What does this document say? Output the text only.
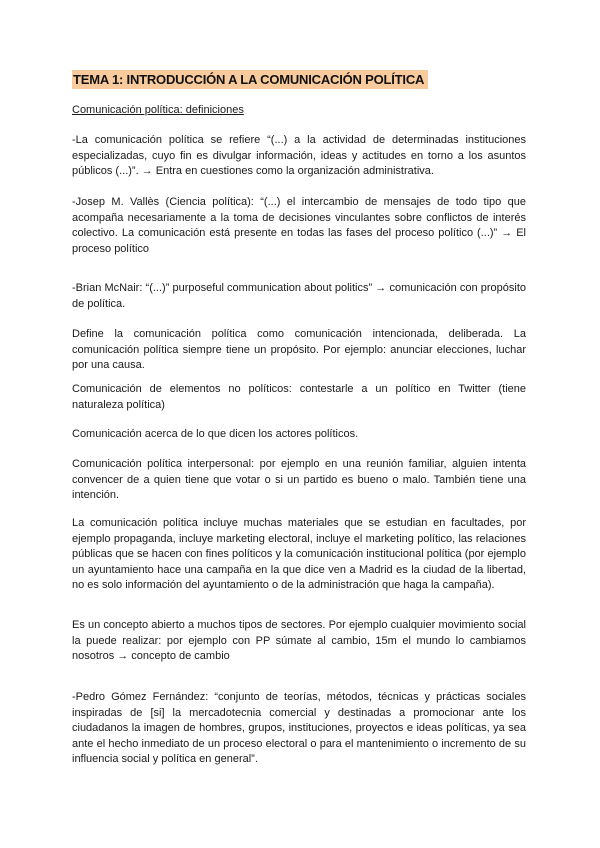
TEMA 1: INTRODUCCIÓN A LA COMUNICACIÓN POLÍTICA
Comunicación política: definiciones

-La comunicación política se refiere “(...) a la actividad de determinadas instituciones especializadas, cuyo fin es divulgar información, ideas y actitudes en torno a los asuntos públicos (...)”. → Entra en cuestiones como la organización administrativa.

-Josep M. Vallès (Ciencia política): “(...) el intercambio de mensajes de todo tipo que acompaña necesariamente a la toma de decisiones vinculantes sobre conflictos de interés colectivo. La comunicación está presente en todas las fases del proceso político (...)” → El proceso político

-Brian McNair: “(...)” purposeful communication about politics” → comunicación con propósito de política.

Define la comunicación política como comunicación intencionada, deliberada. La comunicación política siempre tiene un propósito. Por ejemplo: anunciar elecciones, luchar por una causa.

Comunicación de elementos no políticos: contestarle a un político en Twitter (tiene naturaleza política)

Comunicación acerca de lo que dicen los actores políticos.

Comunicación política interpersonal: por ejemplo en una reunión familiar, alguien intenta convencer de a quien tiene que votar o si un partido es bueno o malo. También tiene una intención.

La comunicación política incluye muchas materiales que se estudian en facultades, por ejemplo propaganda, incluye marketing electoral, incluye el marketing político, las relaciones públicas que se hacen con fines políticos y la comunicación institucional política (por ejemplo un ayuntamiento hace una campaña en la que dice ven a Madrid es la ciudad de la libertad, no es solo información del ayuntamiento o de la administración que haga la campaña).

Es un concepto abierto a muchos tipos de sectores. Por ejemplo cualquier movimiento social la puede realizar: por ejemplo con PP súmate al cambio, 15m el mundo lo cambiamos nosotros → concepto de cambio

-Pedro Gómez Fernández: “conjunto de teorías, métodos, técnicas y prácticas sociales inspiradas de [si] la mercadotecnia comercial y destinadas a promocionar ante los ciudadanos la imagen de hombres, grupos, instituciones, proyectos e ideas políticas, ya sea ante el hecho inmediato de un proceso electoral o para el mantenimiento o incremento de su influencia social y política en general”.
